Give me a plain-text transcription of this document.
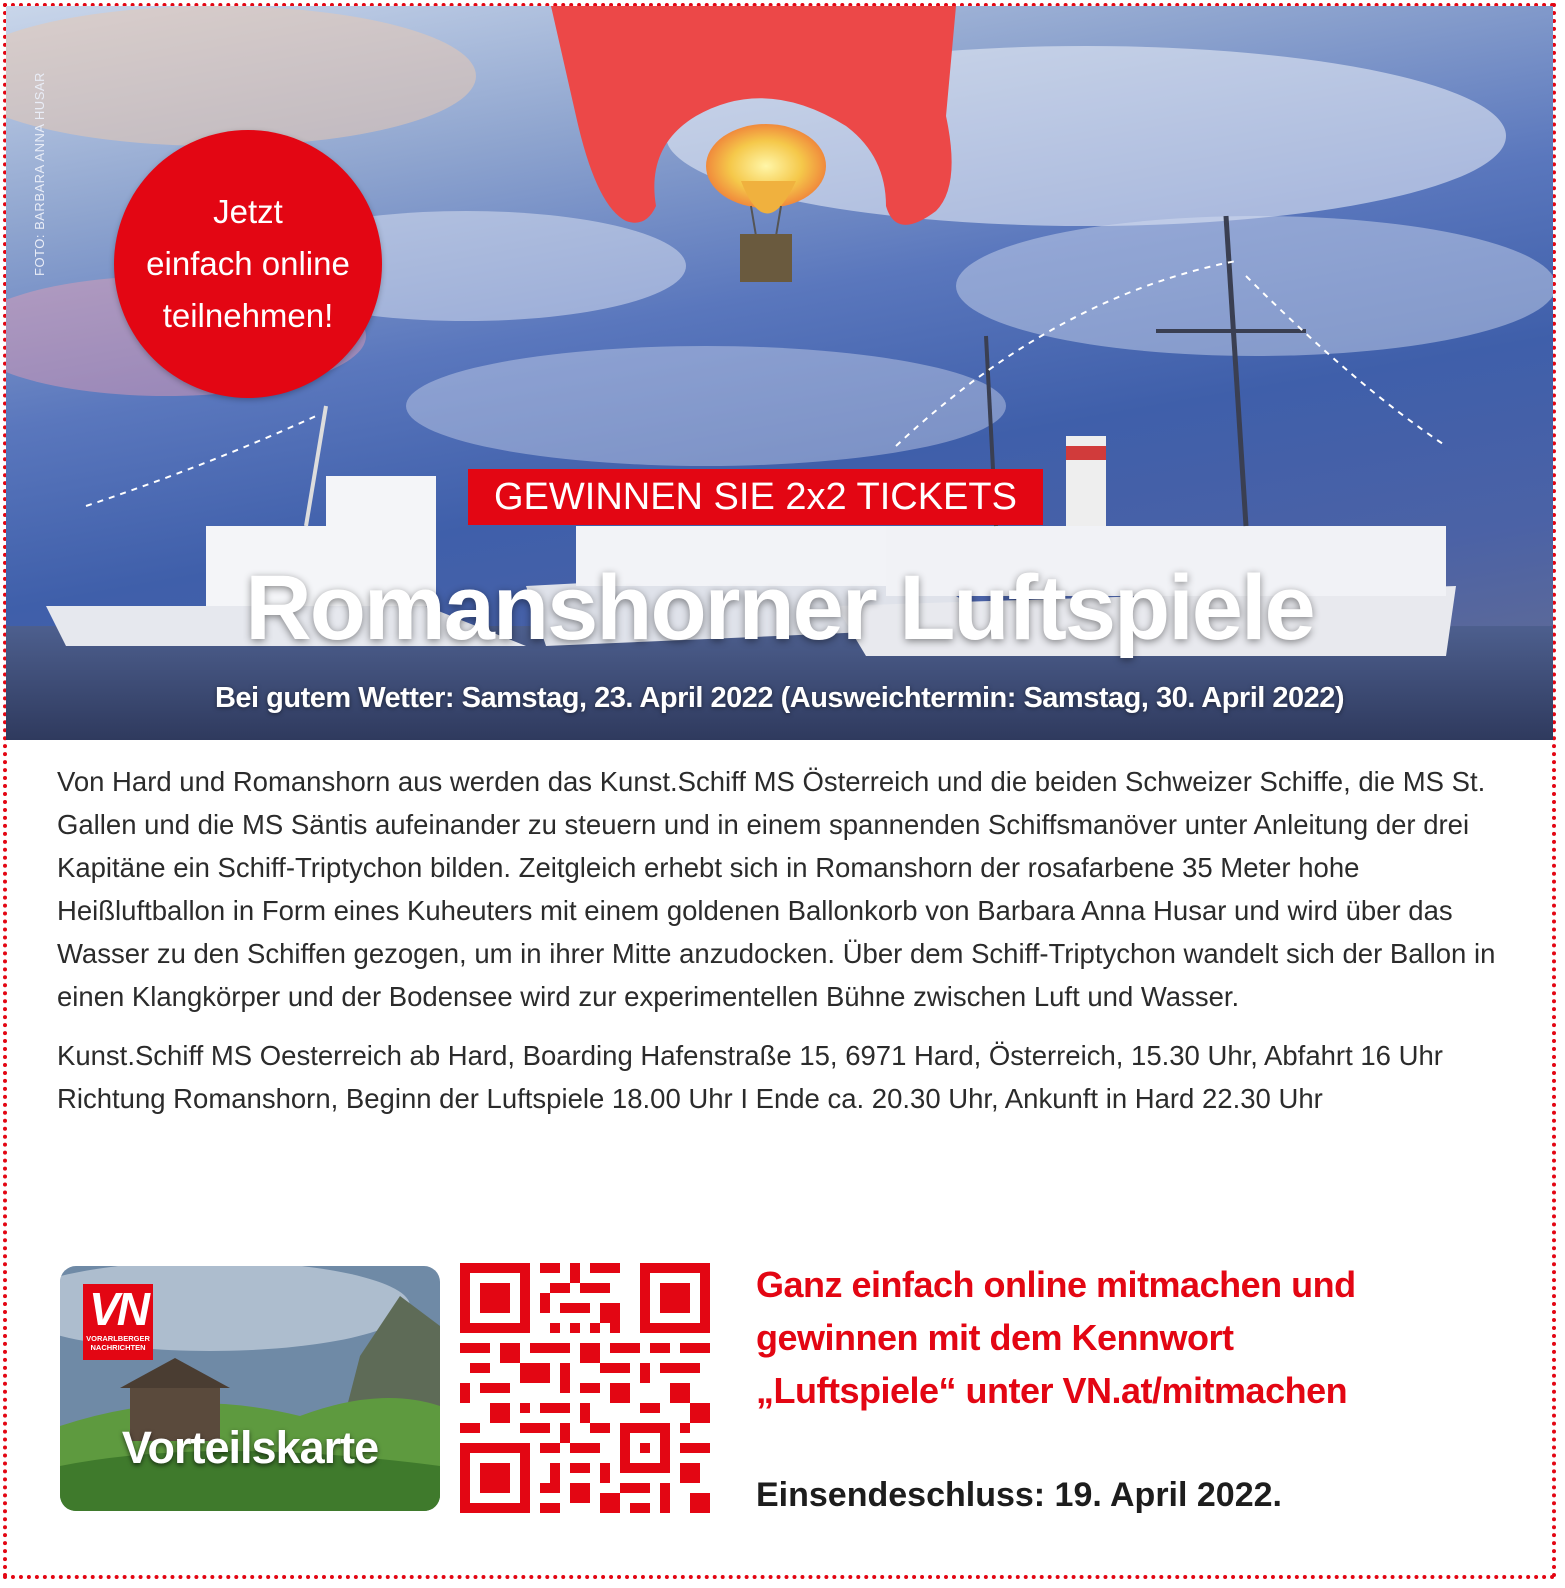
FOTO: BARBARA ANNA HUSAR	Jetzt
einfach online
teilnehmen!
GEWINNEN SIE 2x2 TICKETS
Romanshorner Luftspiele
Bei gutem Wetter: Samstag, 23. April 2022 (Ausweichtermin: Samstag, 30. April 2022)

Von Hard und Romanshorn aus werden das Kunst.Schiff MS Österreich und die beiden Schweizer Schiffe, die MS St. Gallen und die MS Säntis aufeinander zu steuern und in einem spannenden Schiffsmanöver unter Anleitung der drei Kapitäne ein Schiff-Triptychon bilden. Zeitgleich erhebt sich in Romanshorn der rosafarbene 35 Meter hohe Heißluftballon in Form eines Kuheuters mit einem goldenen Ballonkorb von Barbara Anna Husar und wird über das Wasser zu den Schiffen gezogen, um in ihrer Mitte anzudocken. Über dem Schiff-Triptychon wandelt sich der Ballon in einen Klangkörper und der Bodensee wird zur experimentellen Bühne zwischen Luft und Wasser.

Kunst.Schiff MS Oesterreich ab Hard, Boarding Hafenstraße 15, 6971 Hard, Österreich, 15.30 Uhr, Abfahrt 16 Uhr Richtung Romanshorn, Beginn der Luftspiele 18.00 Uhr I Ende ca. 20.30 Uhr, Ankunft in Hard 22.30 Uhr

VN
VORARLBERGER
NACHRICHTEN
Vorteilskarte
Ganz einfach online mitmachen und
gewinnen mit dem Kennwort
„Luftspiele“ unter VN.at/mitmachen
Einsendeschluss: 19. April 2022.
